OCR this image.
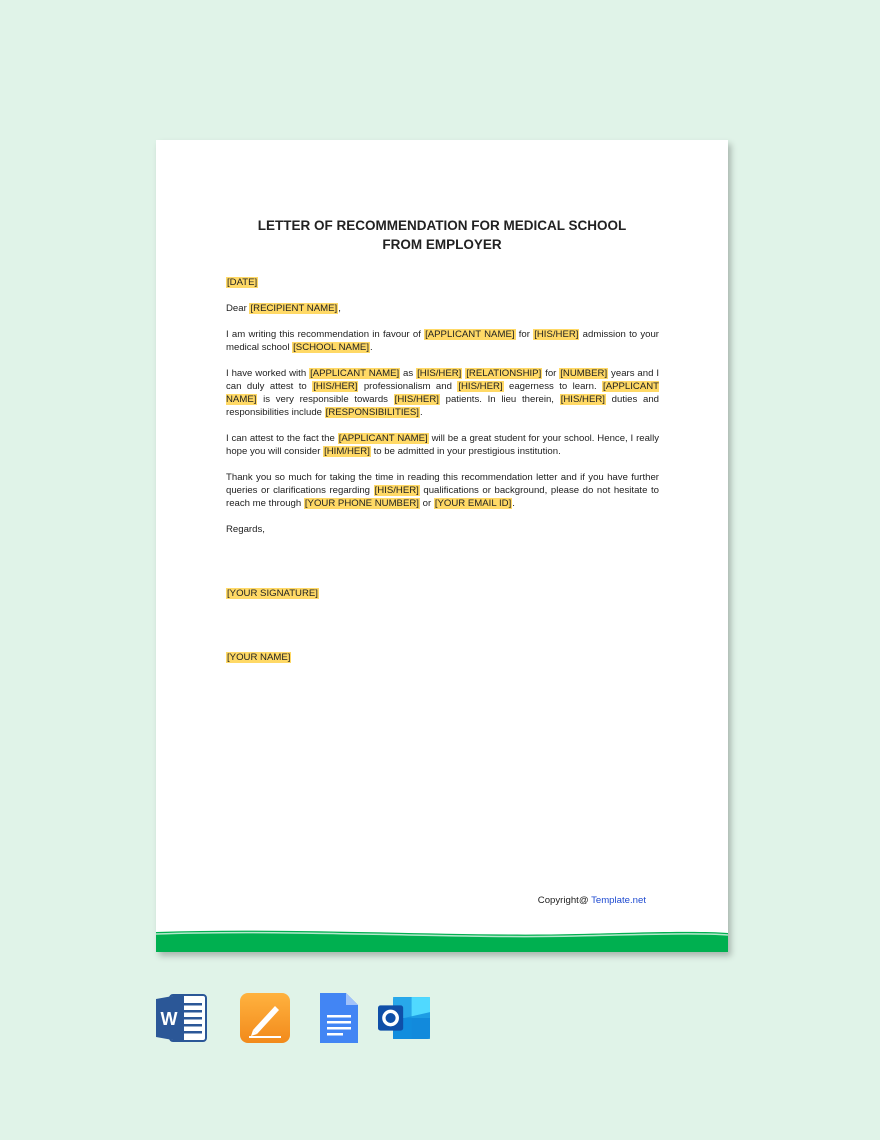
LETTER OF RECOMMENDATION FOR MEDICAL SCHOOL
FROM EMPLOYER

[DATE]

Dear [RECIPIENT NAME],

I am writing this recommendation in favour of [APPLICANT NAME] for [HIS/HER] admission to your medical school [SCHOOL NAME].

I have worked with [APPLICANT NAME] as [HIS/HER] [RELATIONSHIP] for [NUMBER] years and I can duly attest to [HIS/HER] professionalism and [HIS/HER] eagerness to learn. [APPLICANT NAME] is very responsible towards [HIS/HER] patients. In lieu therein, [HIS/HER] duties and responsibilities include [RESPONSIBILITIES].

I can attest to the fact the [APPLICANT NAME] will be a great student for your school. Hence, I really hope you will consider [HIM/HER] to be admitted in your prestigious institution.

Thank you so much for taking the time in reading this recommendation letter and if you have further queries or clarifications regarding [HIS/HER] qualifications or background, please do not hesitate to reach me through [YOUR PHONE NUMBER] or [YOUR EMAIL ID].

Regards,

[YOUR SIGNATURE]

[YOUR NAME]

Copyright@ Template.net
W
